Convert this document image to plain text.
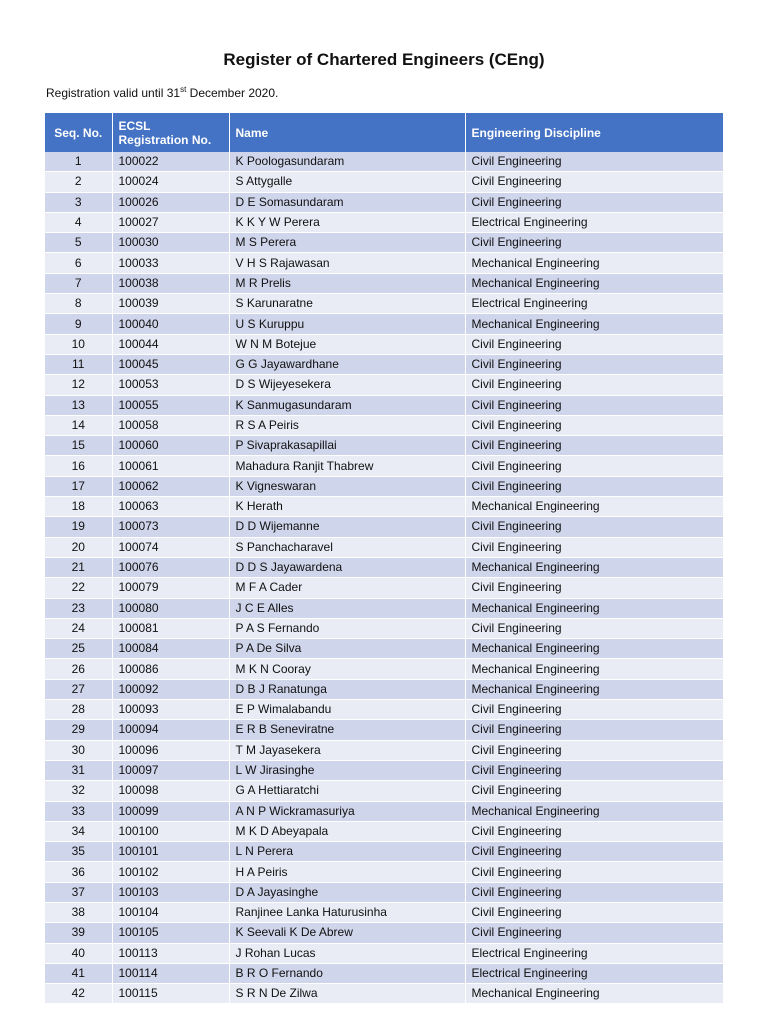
Register of Chartered Engineers (CEng)
Registration valid until 31st December 2020.
Seq. No.	ECSL Registration No.	Name	Engineering Discipline
1	100022	K Poologasundaram	Civil Engineering
2	100024	S Attygalle	Civil Engineering
3	100026	D E Somasundaram	Civil Engineering
4	100027	K K Y W Perera	Electrical Engineering
5	100030	M S Perera	Civil Engineering
6	100033	V H S Rajawasan	Mechanical Engineering
7	100038	M R Prelis	Mechanical Engineering
8	100039	S Karunaratne	Electrical Engineering
9	100040	U S Kuruppu	Mechanical Engineering
10	100044	W N M Botejue	Civil Engineering
11	100045	G G Jayawardhane	Civil Engineering
12	100053	D S Wijeyesekera	Civil Engineering
13	100055	K Sanmugasundaram	Civil Engineering
14	100058	R S A Peiris	Civil Engineering
15	100060	P Sivaprakasapillai	Civil Engineering
16	100061	Mahadura Ranjit Thabrew	Civil Engineering
17	100062	K Vigneswaran	Civil Engineering
18	100063	K Herath	Mechanical Engineering
19	100073	D D Wijemanne	Civil Engineering
20	100074	S Panchacharavel	Civil Engineering
21	100076	D D S Jayawardena	Mechanical Engineering
22	100079	M F A Cader	Civil Engineering
23	100080	J C E Alles	Mechanical Engineering
24	100081	P A S Fernando	Civil Engineering
25	100084	P A De Silva	Mechanical Engineering
26	100086	M K N Cooray	Mechanical Engineering
27	100092	D B J Ranatunga	Mechanical Engineering
28	100093	E P Wimalabandu	Civil Engineering
29	100094	E R B Seneviratne	Civil Engineering
30	100096	T M Jayasekera	Civil Engineering
31	100097	L W Jirasinghe	Civil Engineering
32	100098	G A Hettiaratchi	Civil Engineering
33	100099	A N P Wickramasuriya	Mechanical Engineering
34	100100	M K D Abeyapala	Civil Engineering
35	100101	L N Perera	Civil Engineering
36	100102	H A Peiris	Civil Engineering
37	100103	D A Jayasinghe	Civil Engineering
38	100104	Ranjinee Lanka Haturusinha	Civil Engineering
39	100105	K Seevali K De Abrew	Civil Engineering
40	100113	J Rohan Lucas	Electrical Engineering
41	100114	B R O Fernando	Electrical Engineering
42	100115	S R N De Zilwa	Mechanical Engineering
